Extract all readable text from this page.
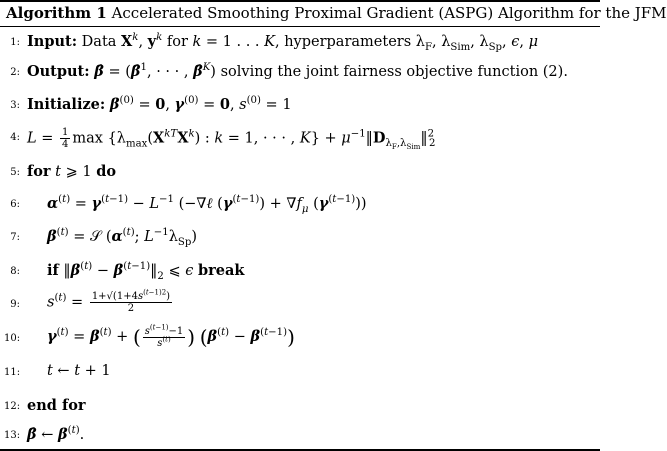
Algorithm 1 Accelerated Smoothing Proximal Gradient (ASPG) Algorithm for the JFM
1: Input: Data $X^k$, $y^k$ for k = 1 . . . K, hyperparameters $\lambda_F$, $\lambda_{Sim}$, $\lambda_{Sp}$, ϵ, μ
2: Output: β̂ = (β̂$^1$, · · · , β̂$^K$) solving the joint fairness objective function (2).
3: Initialize: $\beta^{(0)} = 0$, $\gamma^{(0)} = 0$, $s^{(0)} = 1$
4: $L = \frac{1}{4}$ $\max \{\lambda_{max}(X^{kT}X^k)$ : k = 1, · · · , $K\} + \mu^{-1}‖D_{\lambda_F,\lambda_{Sim}}‖^2_2$
5: for t ⩾ 1 do
6: $\alpha^{(t)} = \gamma^{(t-1)} - L^{-1}$ (−∇ℓ $(\gamma^{(t-1)}) + \nabla f_\mu$ $(\gamma^{(t-1)})$)
7: $\beta^{(t)}$ = 𝒮 ($\alpha^{(t)}$; $L^{-1}\lambda_{Sp}$)
8: if $‖\beta^{(t)}$ − $\beta^{(t-1)}‖_2$ ⩽ ϵ break
9: $s^{(t)} = \frac{1+√(1+4s^{(t-1)2})}{2}$
10: $\gamma^{(t)} = \beta^{(t)}$ + ( $\frac{s^{(t-1)}-1}{s^{(t)}}$ ) $(\beta^{(t)} - \beta^{(t-1)})$
11: t ← t + 1
12: end for
13: β̂ ← $\beta^{(t)}$.
